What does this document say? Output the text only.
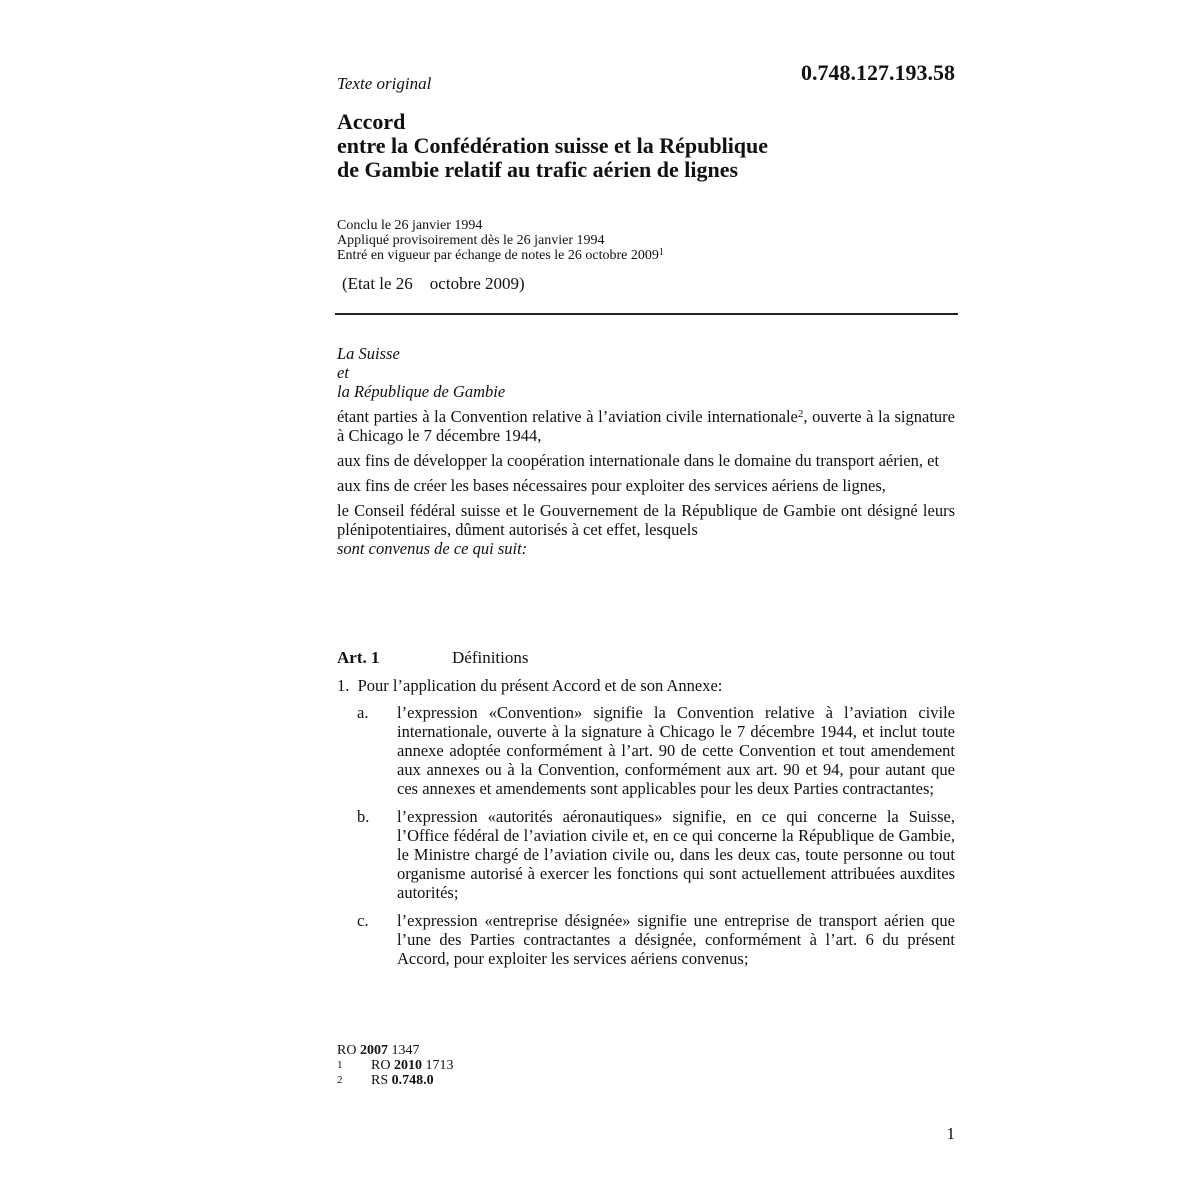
Texte original	0.748.127.193.58
Accord
entre la Confédération suisse et la République
de Gambie relatif au trafic aérien de lignes
Conclu le 26 janvier 1994
Appliqué provisoirement dès le 26 janvier 1994
Entré en vigueur par échange de notes le 26 octobre 2009$^1$
(Etat le 26    octobre 2009)

La Suisse

et

la République de Gambie

étant parties à la Convention relative à l’aviation civile internationale$^2$, ouverte à la signature à Chicago le 7 décembre 1944,

aux fins de développer la coopération internationale dans le domaine du transport aérien, et

aux fins de créer les bases nécessaires pour exploiter des services aériens de lignes,

le Conseil fédéral suisse et le Gouvernement de la République de Gambie ont désigné leurs plénipotentiaires, dûment autorisés à cet effet, lesquels

sont convenus de ce qui suit:

Art. 1	Définitions
1.  Pour l’application du présent Accord et de son Annexe:
a.	l’expression «Convention» signifie la Convention relative à l’aviation civile internationale, ouverte à la signature à Chicago le 7 décembre 1944, et inclut toute annexe adoptée conformément à l’art. 90 de cette Convention et tout amendement aux annexes ou à la Convention, conformément aux art. 90 et 94, pour autant que ces annexes et amendements sont applicables pour les deux Parties contractantes;
b.	l’expression «autorités aéronautiques» signifie, en ce qui concerne la Suisse, l’Office fédéral de l’aviation civile et, en ce qui concerne la République de Gambie, le Ministre chargé de l’aviation civile ou, dans les deux cas, toute personne ou tout organisme autorisé à exercer les fonctions qui sont actuellement attribuées auxdites autorités;
c.	l’expression «entreprise désignée» signifie une entreprise de transport aérien que l’une des Parties contractantes a désignée, conformément à l’art. 6 du présent Accord, pour exploiter les services aériens convenus;
RO 2007 1347
1	RO 2010 1713
2	RS 0.748.0
1
